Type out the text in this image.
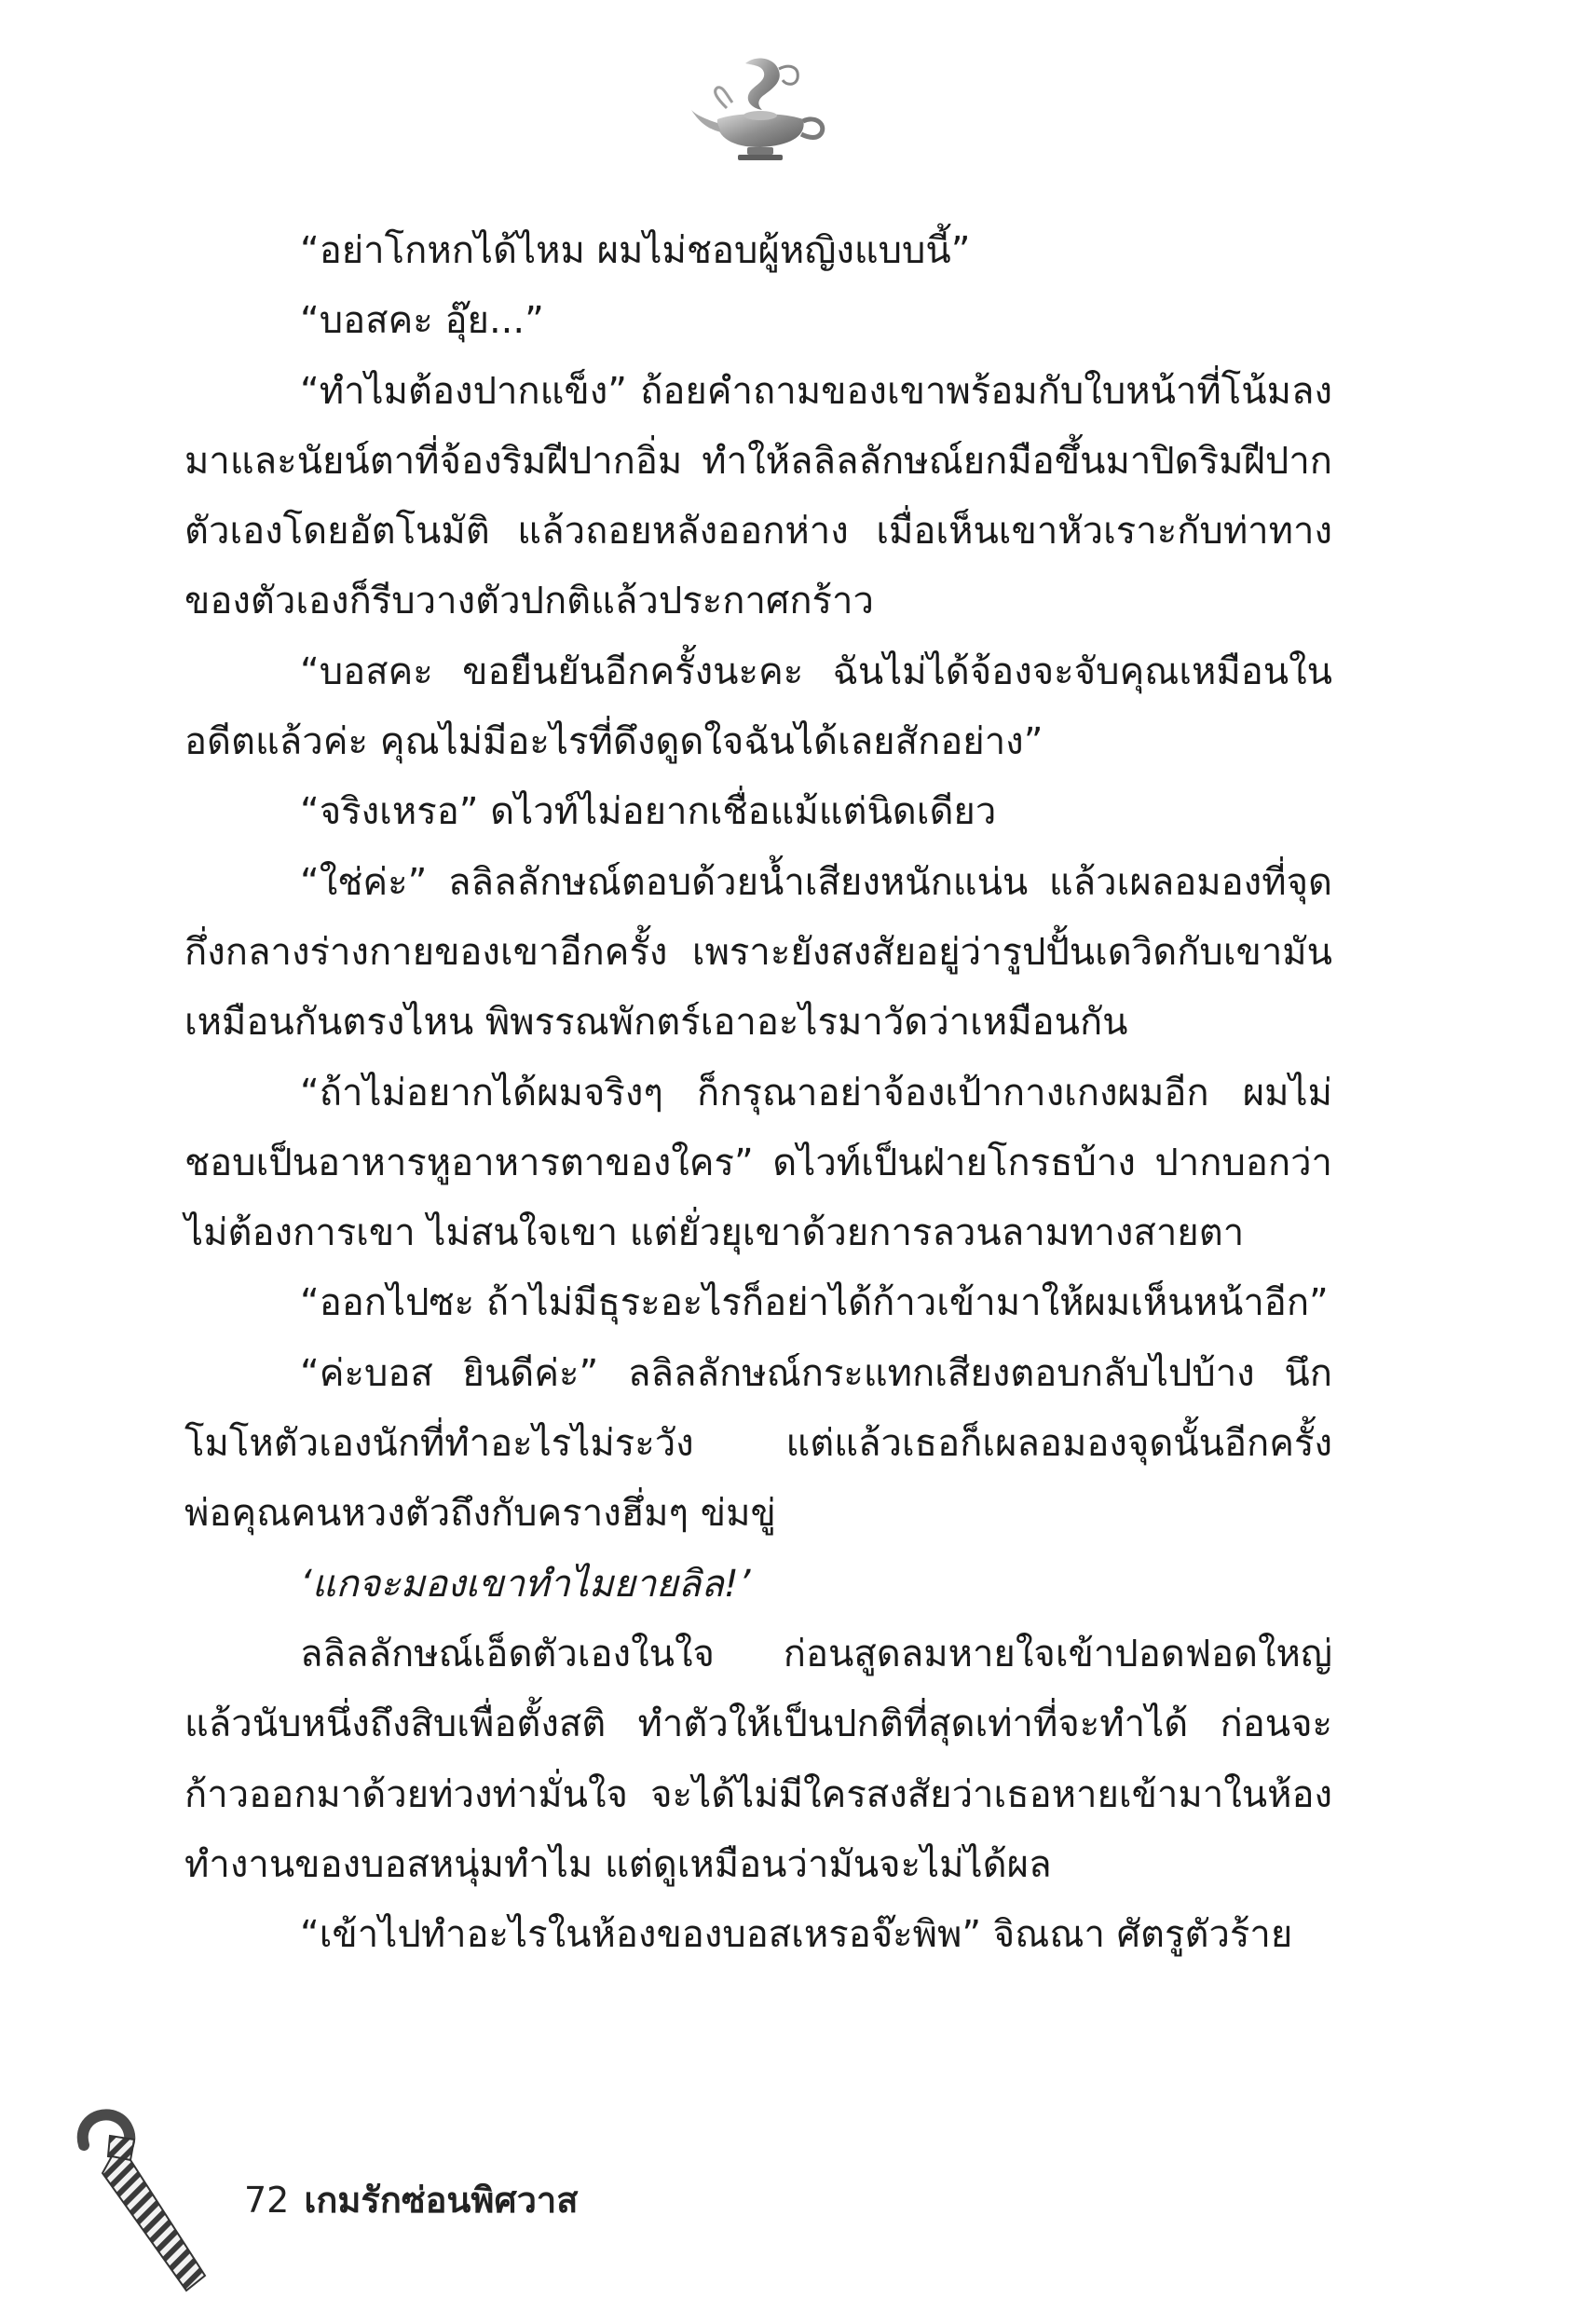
“อย่าโกหกได้ไหม ผมไม่ชอบผู้หญิงแบบนี้”

“บอสคะ อุ๊ย...”

“ทำไมต้องปากแข็ง” ถ้อยคำถามของเขาพร้อมกับใบหน้าที่โน้มลงมาและนัยน์ตาที่จ้องริมฝีปากอิ่ม ทำให้ลลิลลักษณ์ยกมือขึ้นมาปิดริมฝีปากตัวเองโดยอัตโนมัติ แล้วถอยหลังออกห่าง เมื่อเห็นเขาหัวเราะกับท่าทางของตัวเองก็รีบวางตัวปกติแล้วประกาศกร้าว

“บอสคะ ขอยืนยันอีกครั้งนะคะ ฉันไม่ได้จ้องจะจับคุณเหมือนในอดีตแล้วค่ะ คุณไม่มีอะไรที่ดึงดูดใจฉันได้เลยสักอย่าง”

“จริงเหรอ” ดไวท์ไม่อยากเชื่อแม้แต่นิดเดียว

“ใช่ค่ะ” ลลิลลักษณ์ตอบด้วยน้ำเสียงหนักแน่น แล้วเผลอมองที่จุดกึ่งกลางร่างกายของเขาอีกครั้ง เพราะยังสงสัยอยู่ว่ารูปปั้นเดวิดกับเขามันเหมือนกันตรงไหน พิพรรณพักตร์เอาอะไรมาวัดว่าเหมือนกัน

“ถ้าไม่อยากได้ผมจริงๆ ก็กรุณาอย่าจ้องเป้ากางเกงผมอีก ผมไม่ชอบเป็นอาหารหูอาหารตาของใคร” ดไวท์เป็นฝ่ายโกรธบ้าง ปากบอกว่าไม่ต้องการเขา ไม่สนใจเขา แต่ยั่วยุเขาด้วยการลวนลามทางสายตา

“ออกไปซะ ถ้าไม่มีธุระอะไรก็อย่าได้ก้าวเข้ามาให้ผมเห็นหน้าอีก”

“ค่ะบอส ยินดีค่ะ” ลลิลลักษณ์กระแทกเสียงตอบกลับไปบ้าง นึกโมโหตัวเองนักที่ทำอะไรไม่ระวัง แต่แล้วเธอก็เผลอมองจุดนั้นอีกครั้ง พ่อคุณคนหวงตัวถึงกับครางฮึ่มๆ ข่มขู่

‘แกจะมองเขาทำไมยายลิล!’

ลลิลลักษณ์เอ็ดตัวเองในใจ ก่อนสูดลมหายใจเข้าปอดฟอดใหญ่แล้วนับหนึ่งถึงสิบเพื่อตั้งสติ ทำตัวให้เป็นปกติที่สุดเท่าที่จะทำได้ ก่อนจะก้าวออกมาด้วยท่วงท่ามั่นใจ จะได้ไม่มีใครสงสัยว่าเธอหายเข้ามาในห้องทำงานของบอสหนุ่มทำไม แต่ดูเหมือนว่ามันจะไม่ได้ผล

“เข้าไปทำอะไรในห้องของบอสเหรอจ๊ะพิพ” จิณณา ศัตรูตัวร้าย

72 เกมรักซ่อนพิศวาส
